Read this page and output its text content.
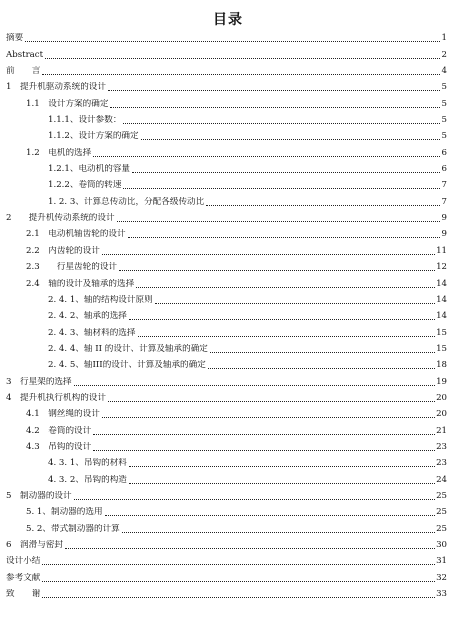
目录
摘要	1
Abstract	2
前　　言	4
1　提升机驱动系统的设计	5
1.1　设计方案的确定	5
1.1.1、设计参数：	5
1.1.2、设计方案的确定	5
1.2　电机的选择	6
1.2.1、电动机的容量	6
1.2.2、卷筒的转速	7
1. 2. 3、计算总传动比，分配各级传动比	7
2　　提升机传动系统的设计	9
2.1　电动机轴齿轮的设计	9
2.2　内齿轮的设计	11
2.3　　行星齿轮的设计	12
2.4　轴的设计及轴承的选择	14
2. 4. 1、轴的结构设计原则	14
2. 4. 2、轴承的选择	14
2. 4. 3、轴材料的选择	15
2. 4. 4、轴 II 的设计、计算及轴承的确定	15
2. 4. 5、轴III的设计、计算及轴承的确定	18
3　行星架的选择	19
4　提升机执行机构的设计	20
4.1　钢丝绳的设计	20
4.2　卷筒的设计	21
4.3　吊钩的设计	23
4. 3. 1、吊钩的材料	23
4. 3. 2、吊钩的构造	24
5　制动器的设计	25
5. 1、制动器的选用	25
5. 2、带式制动器的计算	25
6　润滑与密封	30
设计小结	31
参考文献	32
致　　谢	33
